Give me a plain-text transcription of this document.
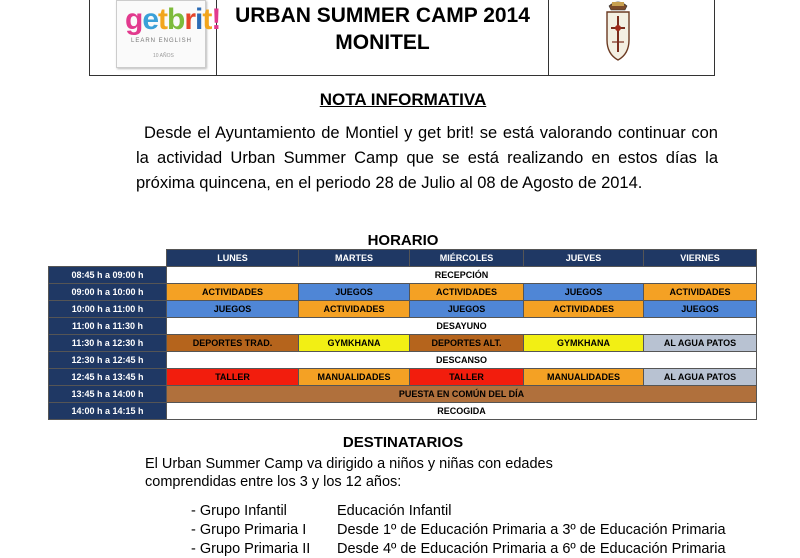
getbrit!
LEARN ENGLISH
10 AÑOS
URBAN SUMMER CAMP 2014
MONITEL
NOTA INFORMATIVA
Desde el Ayuntamiento de Montiel y get brit! se está valorando continuar con la actividad Urban Summer Camp que se está realizando en estos días la próxima quincena, en el periodo 28 de Julio al 08 de Agosto de 2014.
HORARIO
	LUNES	MARTES	MIÉRCOLES	JUEVES	VIERNES
08:45 h a 09:00 h	RECEPCIÓN				
09:00 h a 10:00 h	ACTIVIDADES	JUEGOS	ACTIVIDADES	JUEGOS	ACTIVIDADES
10:00 h a 11:00 h	JUEGOS	ACTIVIDADES	JUEGOS	ACTIVIDADES	JUEGOS
11:00 h a 11:30 h	DESAYUNO				
11:30 h a 12:30 h	DEPORTES TRAD.	GYMKHANA	DEPORTES ALT.	GYMKHANA	AL AGUA PATOS
12:30 h a 12:45 h	DESCANSO				
12:45 h a 13:45 h	TALLER	MANUALIDADES	TALLER	MANUALIDADES	AL AGUA PATOS
13:45 h a 14:00 h	PUESTA EN COMÚN DEL DÍA				
14:00 h a 14:15 h	RECOGIDA				
DESTINATARIOS
El Urban Summer Camp va dirigido a niños y niñas con edades comprendidas entre los 3 y los 12 años:
- Grupo Infantil	Educación Infantil
- Grupo Primaria I Desde 1º de Educación Primaria a 3º de Educación Primaria
- Grupo Primaria II Desde 4º de Educación Primaria a 6º de Educación Primaria
